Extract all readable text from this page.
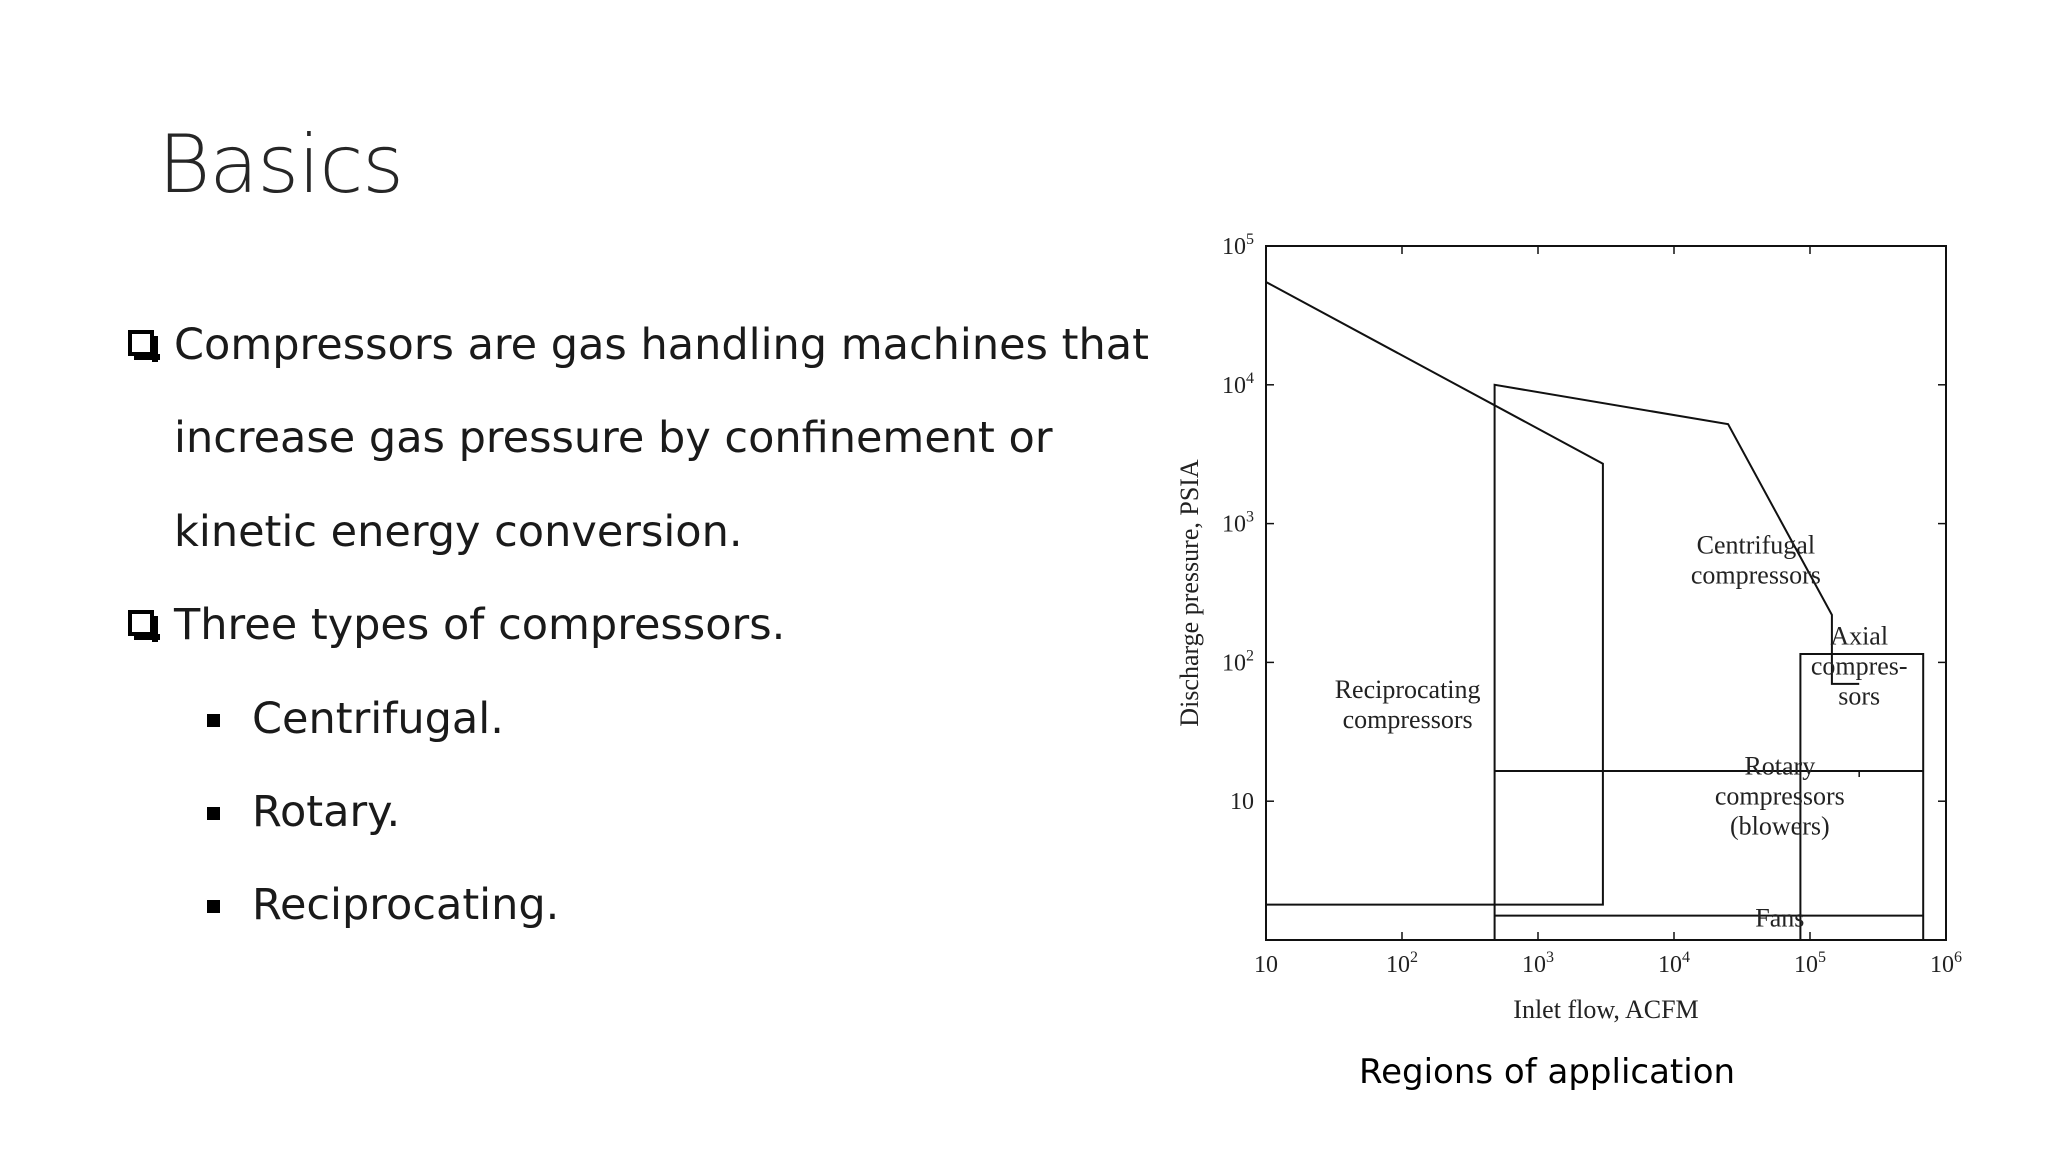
Basics
Compressors are gas handling machines that
increase gas pressure by confinement or
kinetic energy conversion.
Three types of compressors.
Centrifugal.
Rotary.
Reciprocating.
10	$10^2$	$10^3$	$10^4$	$10^5$	$10^6$
10
$10^2$
$10^3$
$10^4$
$10^5$
Inlet flow, ACFM
Discharge pressure, PSIA	Reciprocating
compressors
Centrifugal
compressors
Axial
compres-
sors
Rotary
compressors
(blowers)
Fans
Regions of application
